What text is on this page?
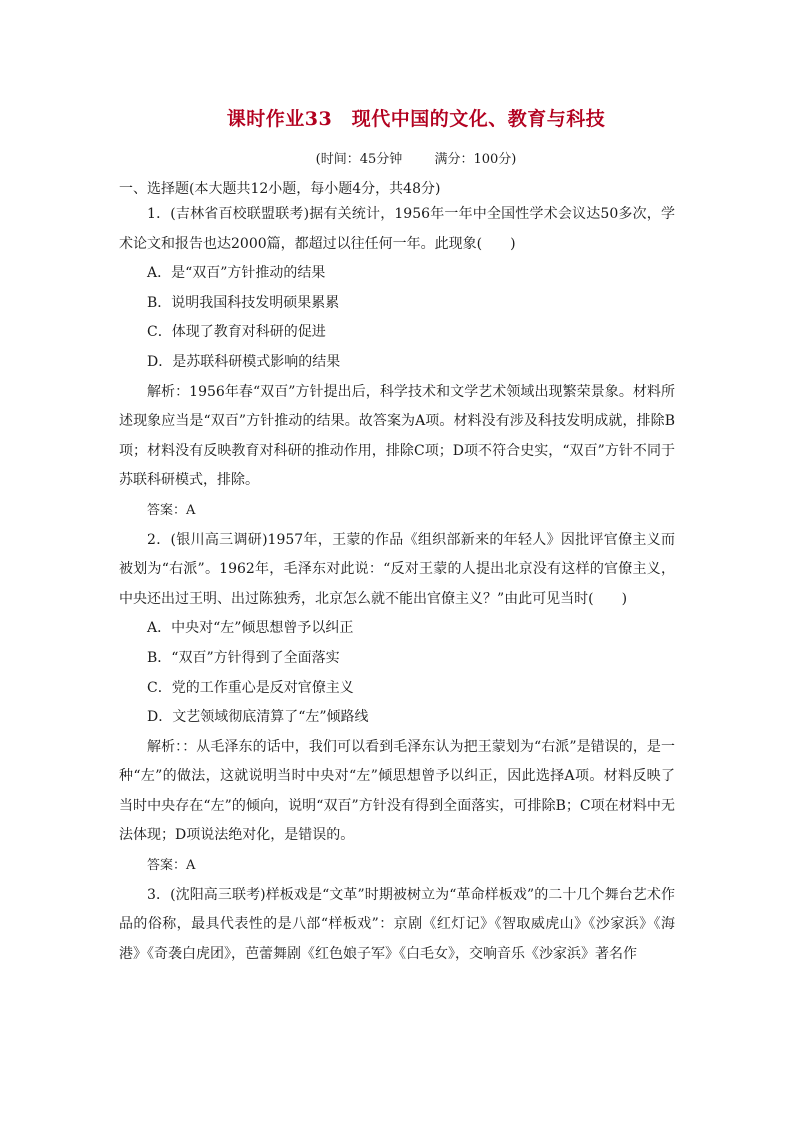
课时作业33　现代中国的文化、教育与科技
(时间：45分钟 满分：100分)
一、选择题(本大题共12小题，每小题4分，共48分)

1．(吉林省百校联盟联考)据有关统计，1956年一年中全国性学术会议达50多次，学术论文和报告也达2000篇，都超过以往任何一年。此现象(　　)

A．是“双百”方针推动的结果

B．说明我国科技发明硕果累累

C．体现了教育对科研的促进

D．是苏联科研模式影响的结果

解析：1956年春“双百”方针提出后，科学技术和文学艺术领域出现繁荣景象。材料所述现象应当是“双百”方针推动的结果。故答案为A项。材料没有涉及科技发明成就，排除B项；材料没有反映教育对科研的推动作用，排除C项；D项不符合史实，“双百”方针不同于苏联科研模式，排除。

答案：A

2．(银川高三调研)1957年，王蒙的作品《组织部新来的年轻人》因批评官僚主义而被划为“右派”。1962年，毛泽东对此说：“反对王蒙的人提出北京没有这样的官僚主义，中央还出过王明、出过陈独秀，北京怎么就不能出官僚主义？”由此可见当时(　　)

A．中央对“左”倾思想曾予以纠正

B．“双百”方针得到了全面落实

C．党的工作重心是反对官僚主义

D．文艺领域彻底清算了“左”倾路线

解析：：从毛泽东的话中，我们可以看到毛泽东认为把王蒙划为“右派”是错误的，是一种“左”的做法，这就说明当时中央对“左”倾思想曾予以纠正，因此选择A项。材料反映了当时中央存在“左”的倾向，说明“双百”方针没有得到全面落实，可排除B；C项在材料中无法体现；D项说法绝对化，是错误的。

答案：A

3．(沈阳高三联考)样板戏是“文革”时期被树立为“革命样板戏”的二十几个舞台艺术作品的俗称，最具代表性的是八部“样板戏”：京剧《红灯记》《智取威虎山》《沙家浜》《海港》《奇袭白虎团》，芭蕾舞剧《红色娘子军》《白毛女》，交响音乐《沙家浜》著名作
